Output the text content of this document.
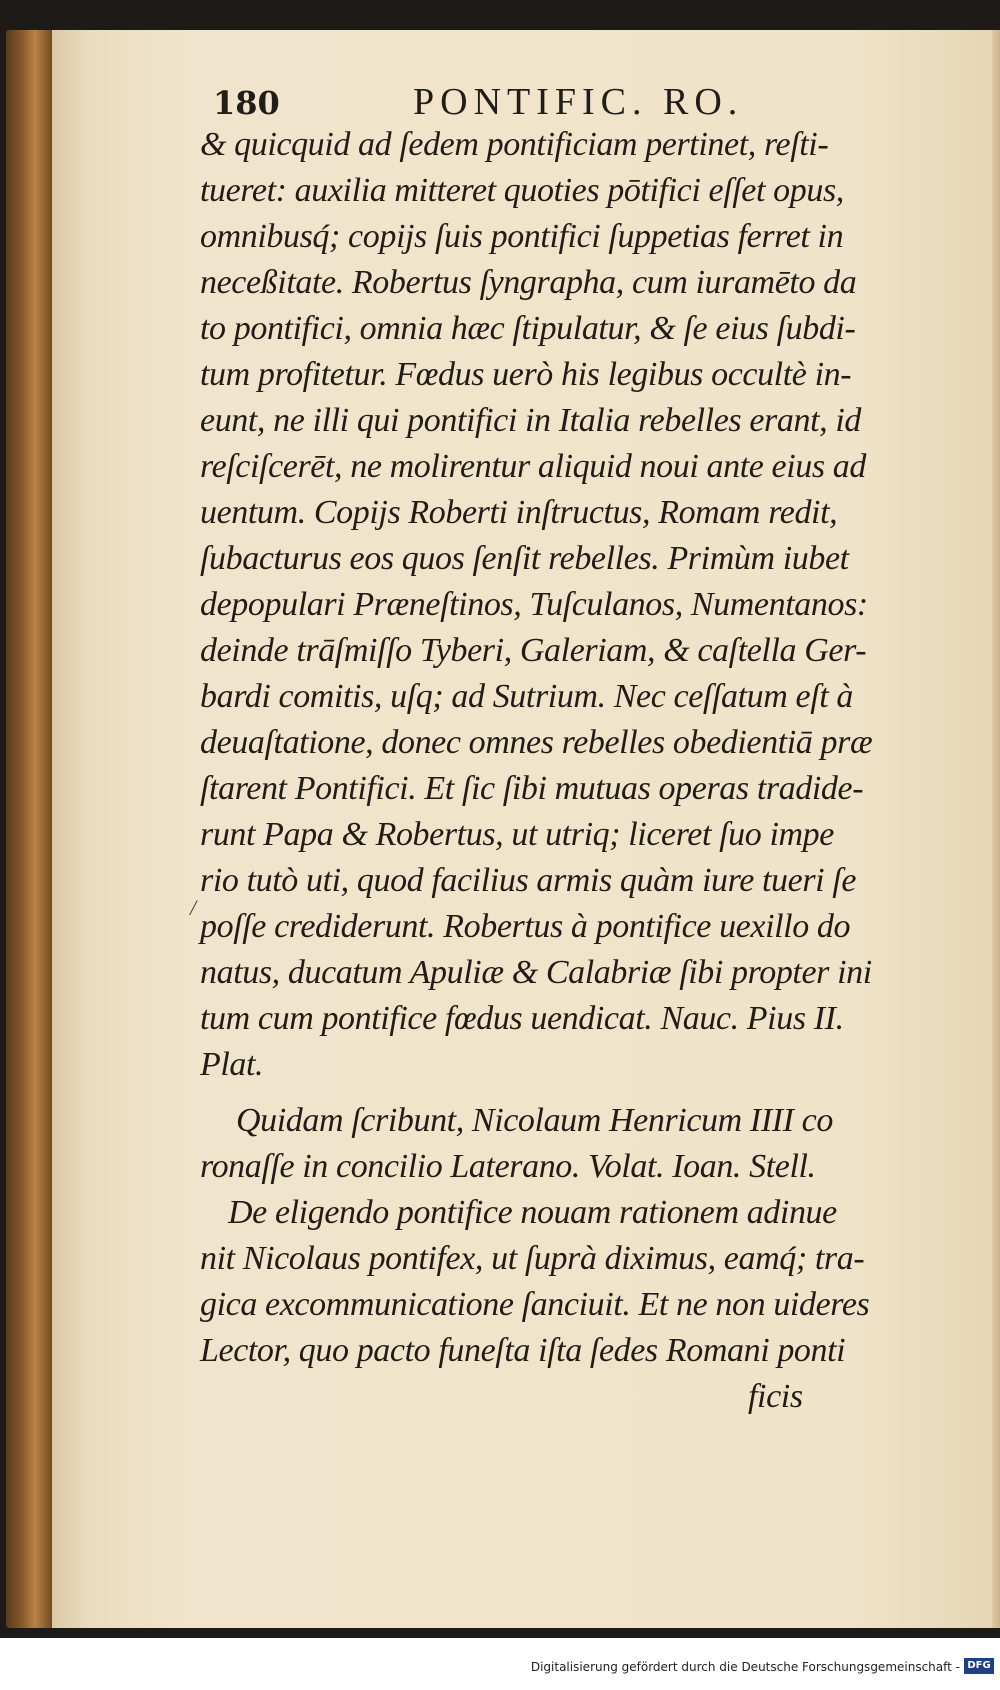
180	PONTIFIC. RO.
/
& quicquid ad ſedem pontificiam pertinet, reſti-
tueret: auxilia mitteret quoties pōtifici eſſet opus,
omnibusq́; copijs ſuis pontifici ſuppetias ferret in
neceßitate. Robertus ſyngrapha, cum iuramēto da
to pontifici, omnia hæc ſtipulatur, & ſe eius ſubdi-
tum profitetur. Fœdus uerò his legibus occultè in-
eunt, ne illi qui pontifici in Italia rebelles erant, id
reſciſcerēt, ne molirentur aliquid noui ante eius ad
uentum. Copijs Roberti inſtructus, Romam redit,
ſubacturus eos quos ſenſit rebelles. Primùm iubet
depopulari Præneſtinos, Tuſculanos, Numentanos:
deinde trāſmiſſo Tyberi, Galeriam, & caſtella Ger-
bardi comitis, uſq; ad Sutrium. Nec ceſſatum eſt à
deuaſtatione, donec omnes rebelles obedientiā præ
ſtarent Pontifici. Et ſic ſibi mutuas operas tradide-
runt Papa & Robertus, ut utriq; liceret ſuo impe
rio tutò uti, quod facilius armis quàm iure tueri ſe
poſſe crediderunt. Robertus à pontifice uexillo do
natus, ducatum Apuliæ & Calabriæ ſibi propter ini
tum cum pontifice fœdus uendicat. Nauc. Pius II.
Plat.
Quidam ſcribunt, Nicolaum Henricum IIII co
ronaſſe in concilio Laterano. Volat. Ioan. Stell.
De eligendo pontifice nouam rationem adinue
nit Nicolaus pontifex, ut ſuprà diximus, eamq́; tra-
gica excommunicatione ſanciuit. Et ne non uideres
Lector, quo pacto funeſta iſta ſedes Romani ponti
ficis
Digitalisierung gefördert durch die Deutsche Forschungsgemeinschaft - DFG
